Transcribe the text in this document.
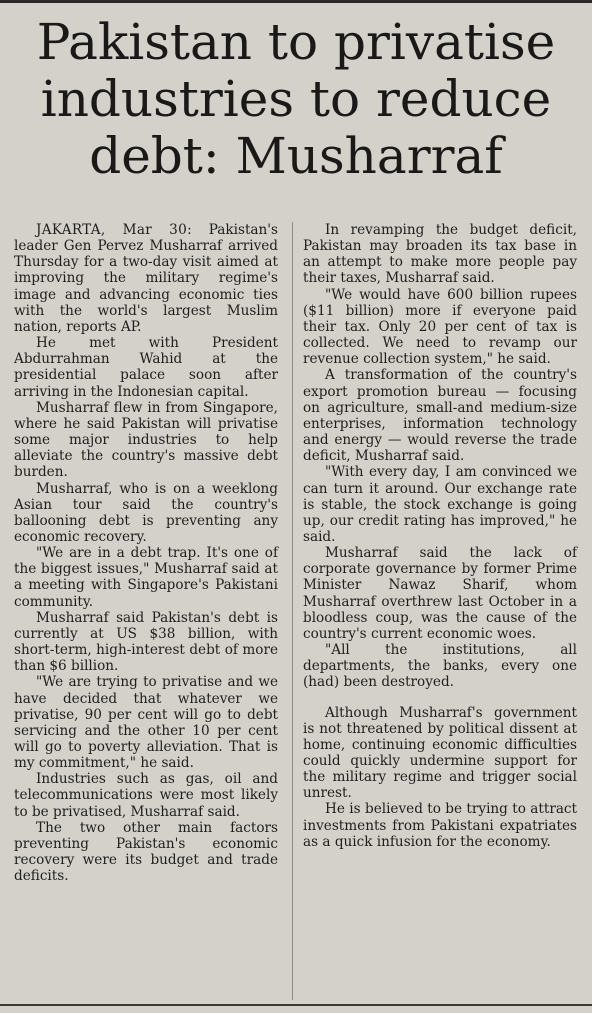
Pakistan to privatise industries to reduce debt: Musharraf

JAKARTA, Mar 30: Pakistan's leader Gen Pervez Musharraf arrived Thursday for a two-day visit aimed at improving the military regime's image and advancing economic ties with the world's largest Muslim nation, reports AP.

He met with President Abdurrahman Wahid at the presidential palace soon after arriving in the Indonesian capital.

Musharraf flew in from Singapore, where he said Pakistan will privatise some major industries to help alleviate the country's massive debt burden.

Musharraf, who is on a weeklong Asian tour said the country's ballooning debt is preventing any economic recovery.

"We are in a debt trap. It's one of the biggest issues," Musharraf said at a meeting with Singapore's Pakistani community.

Musharraf said Pakistan's debt is currently at US $38 billion, with short-term, high-interest debt of more than $6 billion.

"We are trying to privatise and we have decided that whatever we privatise, 90 per cent will go to debt servicing and the other 10 per cent will go to poverty alleviation. That is my commitment," he said.

Industries such as gas, oil and telecommunications were most likely to be privatised, Musharraf said.

The two other main factors preventing Pakistan's economic recovery were its budget and trade deficits.

In revamping the budget deficit, Pakistan may broaden its tax base in an attempt to make more people pay their taxes, Musharraf said.

"We would have 600 billion rupees ($11 billion) more if everyone paid their tax. Only 20 per cent of tax is collected. We need to revamp our revenue collection system," he said.

A transformation of the country's export promotion bureau — focusing on agriculture, small-and medium-size enterprises, information technology and energy — would reverse the trade deficit, Musharraf said.

"With every day, I am convinced we can turn it around. Our exchange rate is stable, the stock exchange is going up, our credit rating has improved," he said.

Musharraf said the lack of corporate governance by former Prime Minister Nawaz Sharif, whom Musharraf overthrew last October in a bloodless coup, was the cause of the country's current economic woes.

"All the institutions, all departments, the banks, every one (had) been destroyed.

Although Musharraf's government is not threatened by political dissent at home, continuing economic difficulties could quickly undermine support for the military regime and trigger social unrest.

He is believed to be trying to attract investments from Pakistani expatriates as a quick infusion for the economy.
